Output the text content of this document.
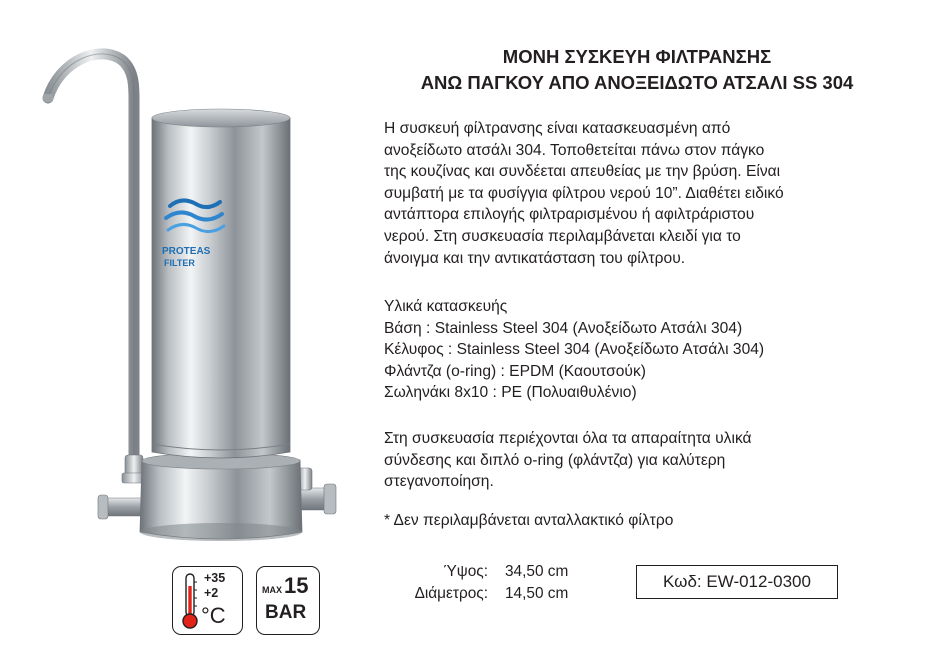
PROTEAS
FILTER
ΜΟΝΗ ΣΥΣΚΕΥΗ ΦΙΛΤΡΑΝΣΗΣ
ΑΝΩ ΠΑΓΚΟΥ ΑΠΟ ΑΝΟΞΕΙΔΩΤΟ ΑΤΣΑΛΙ SS 304
Η συσκευή φίλτρανσης είναι κατασκευασμένη από
ανοξείδωτο ατσάλι 304. Τοποθετείται πάνω στον πάγκο
της κουζίνας και συνδέεται απευθείας με την βρύση. Είναι
συμβατή με τα φυσίγγια φίλτρου νερού 10”. Διαθέτει ειδικό
αντάπτορα επιλογής φιλτραρισμένου ή αφιλτράριστου
νερού. Στη συσκευασία περιλαμβάνεται κλειδί για το
άνοιγμα και την αντικατάσταση του φίλτρου.
Υλικά κατασκευής
Βάση : Stainless Steel 304 (Ανοξείδωτο Ατσάλι 304)
Κέλυφος : Stainless Steel 304 (Ανοξείδωτο Ατσάλι 304)
Φλάντζα (o-ring) : EPDM (Καουτσούκ)
Σωληνάκι 8x10 : PE (Πολυαιθυλένιο)
Στη συσκευασία περιέχονται όλα τα απαραίτητα υλικά
σύνδεσης και διπλό o-ring (φλάντζα) για καλύτερη
στεγανοποίηση.
* Δεν περιλαμβάνεται ανταλλακτικό φίλτρο
Ύψος: 34,50 cm
Διάμετρος: 14,50 cm
Κωδ: EW-012-0300
+35
+2
°C
MAX 15
BAR
